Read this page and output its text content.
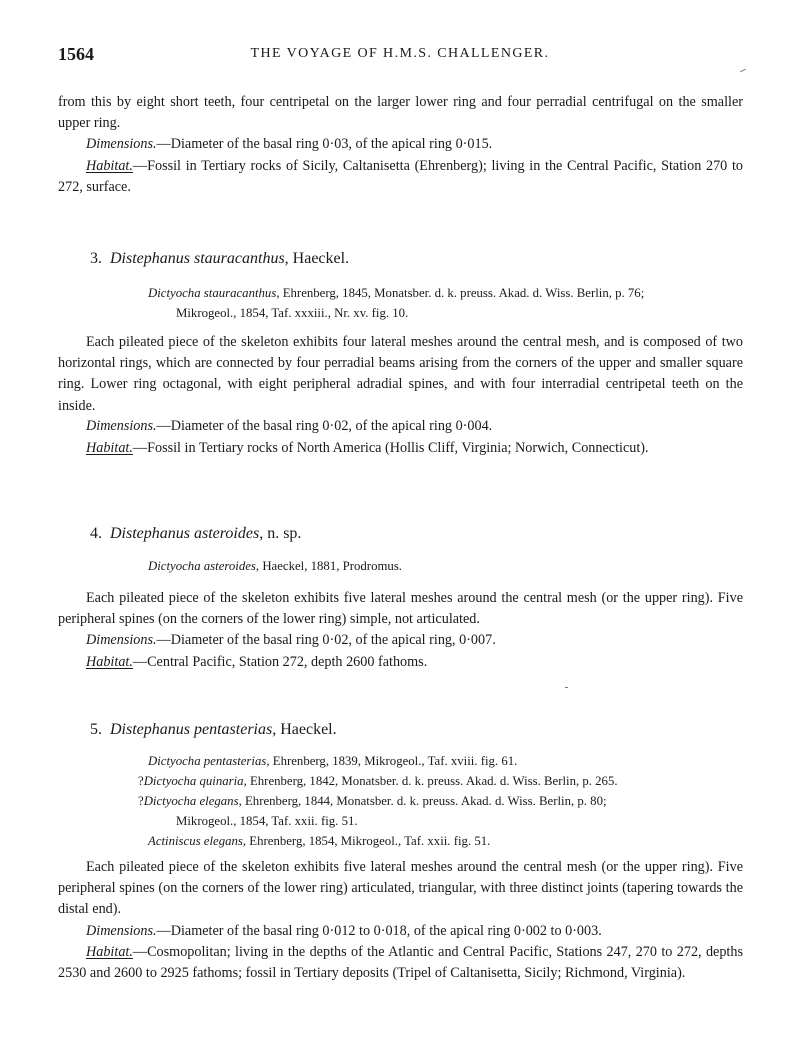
1564	THE VOYAGE OF H.M.S. CHALLENGER.

from this by eight short teeth, four centripetal on the larger lower ring and four perradial centrifugal on the smaller upper ring.

Dimensions.—Diameter of the basal ring 0·03, of the apical ring 0·015.

Habitat.—Fossil in Tertiary rocks of Sicily, Caltanisetta (Ehrenberg); living in the Central Pacific, Station 270 to 272, surface.

3. Distephanus stauracanthus, Haeckel.
Dictyocha stauracanthus, Ehrenberg, 1845, Monatsber. d. k. preuss. Akad. d. Wiss. Berlin, p. 76;
Mikrogeol., 1854, Taf. xxxiii., Nr. xv. fig. 10.

Each pileated piece of the skeleton exhibits four lateral meshes around the central mesh, and is composed of two horizontal rings, which are connected by four perradial beams arising from the corners of the upper and smaller square ring. Lower ring octagonal, with eight peripheral adradial spines, and with four interradial centripetal teeth on the inside.

Dimensions.—Diameter of the basal ring 0·02, of the apical ring 0·004.

Habitat.—Fossil in Tertiary rocks of North America (Hollis Cliff, Virginia; Norwich, Connecticut).

4. Distephanus asteroides, n. sp.
Dictyocha asteroides, Haeckel, 1881, Prodromus.

Each pileated piece of the skeleton exhibits five lateral meshes around the central mesh (or the upper ring). Five peripheral spines (on the corners of the lower ring) simple, not articulated.

Dimensions.—Diameter of the basal ring 0·02, of the apical ring, 0·007.

Habitat.—Central Pacific, Station 272, depth 2600 fathoms.

5. Distephanus pentasterias, Haeckel.
Dictyocha pentasterias, Ehrenberg, 1839, Mikrogeol., Taf. xviii. fig. 61.
?Dictyocha quinaria, Ehrenberg, 1842, Monatsber. d. k. preuss. Akad. d. Wiss. Berlin, p. 265.
?Dictyocha elegans, Ehrenberg, 1844, Monatsber. d. k. preuss. Akad. d. Wiss. Berlin, p. 80;
Mikrogeol., 1854, Taf. xxii. fig. 51.
Actiniscus elegans, Ehrenberg, 1854, Mikrogeol., Taf. xxii. fig. 51.

Each pileated piece of the skeleton exhibits five lateral meshes around the central mesh (or the upper ring). Five peripheral spines (on the corners of the lower ring) articulated, triangular, with three distinct joints (tapering towards the distal end).

Dimensions.—Diameter of the basal ring 0·012 to 0·018, of the apical ring 0·002 to 0·003.

Habitat.—Cosmopolitan; living in the depths of the Atlantic and Central Pacific, Stations 247, 270 to 272, depths 2530 and 2600 to 2925 fathoms; fossil in Tertiary deposits (Tripel of Caltanisetta, Sicily; Richmond, Virginia).
